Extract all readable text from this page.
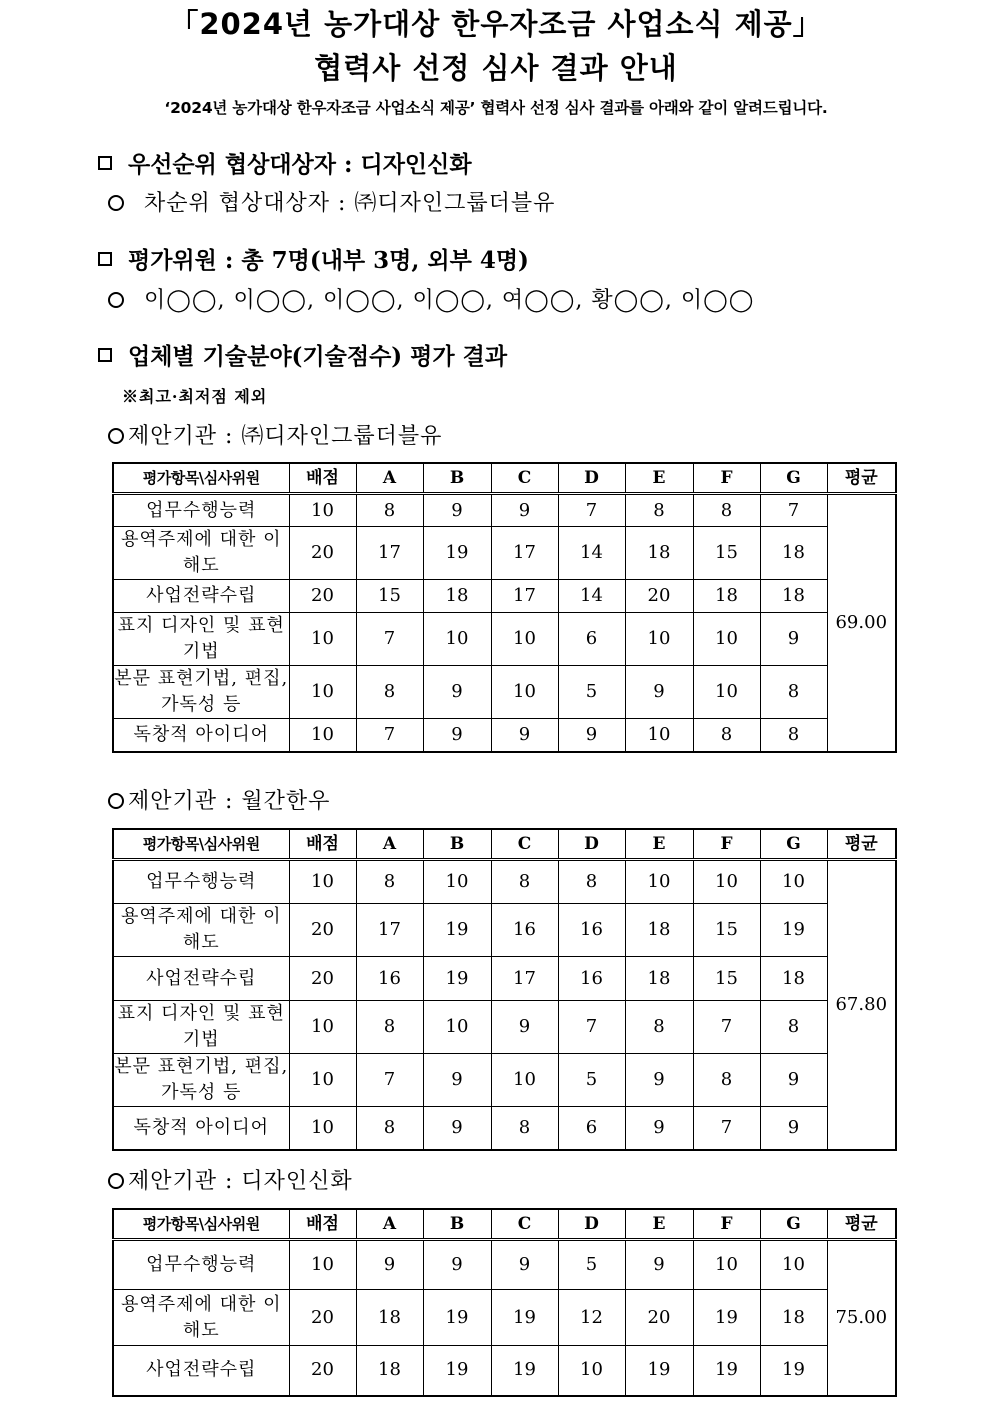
「2024년 농가대상 한우자조금 사업소식 제공」
협력사 선정 심사 결과 안내
‘2024년 농가대상 한우자조금 사업소식 제공’ 협력사 선정 심사 결과를 아래와 같이 알려드립니다.
우선순위 협상대상자 : 디자인신화
차순위 협상대상자 : ㈜디자인그룹더블유
평가위원 : 총 7명(내부 3명, 외부 4명)
이◯◯, 이◯◯, 이◯◯, 이◯◯, 여◯◯, 황◯◯, 이◯◯
업체별 기술분야(기술점수) 평가 결과
※최고·최저점 제외
제안기관 : ㈜디자인그룹더블유
평가항목\심사위원	배점	A	B	C	D	E	F	G	평균
업무수행능력	10	8	9	9	7	8	8	7	69.00
용역주제에 대한 이해도	20	17	19	17	14	18	15	18	
사업전략수립	20	15	18	17	14	20	18	18	
표지 디자인 및 표현기법	10	7	10	10	6	10	10	9	
본문 표현기법, 편집, 가독성 등	10	8	9	10	5	9	10	8	
독창적 아이디어	10	7	9	9	9	10	8	8	
제안기관 : 월간한우
평가항목\심사위원	배점	A	B	C	D	E	F	G	평균
업무수행능력	10	8	10	8	8	10	10	10	67.80
용역주제에 대한 이해도	20	17	19	16	16	18	15	19	
사업전략수립	20	16	19	17	16	18	15	18	
표지 디자인 및 표현기법	10	8	10	9	7	8	7	8	
본문 표현기법, 편집, 가독성 등	10	7	9	10	5	9	8	9	
독창적 아이디어	10	8	9	8	6	9	7	9	
제안기관 : 디자인신화
평가항목\심사위원	배점	A	B	C	D	E	F	G	평균
업무수행능력	10	9	9	9	5	9	10	10	75.00
용역주제에 대한 이해도	20	18	19	19	12	20	19	18	
사업전략수립	20	18	19	19	10	19	19	19	
